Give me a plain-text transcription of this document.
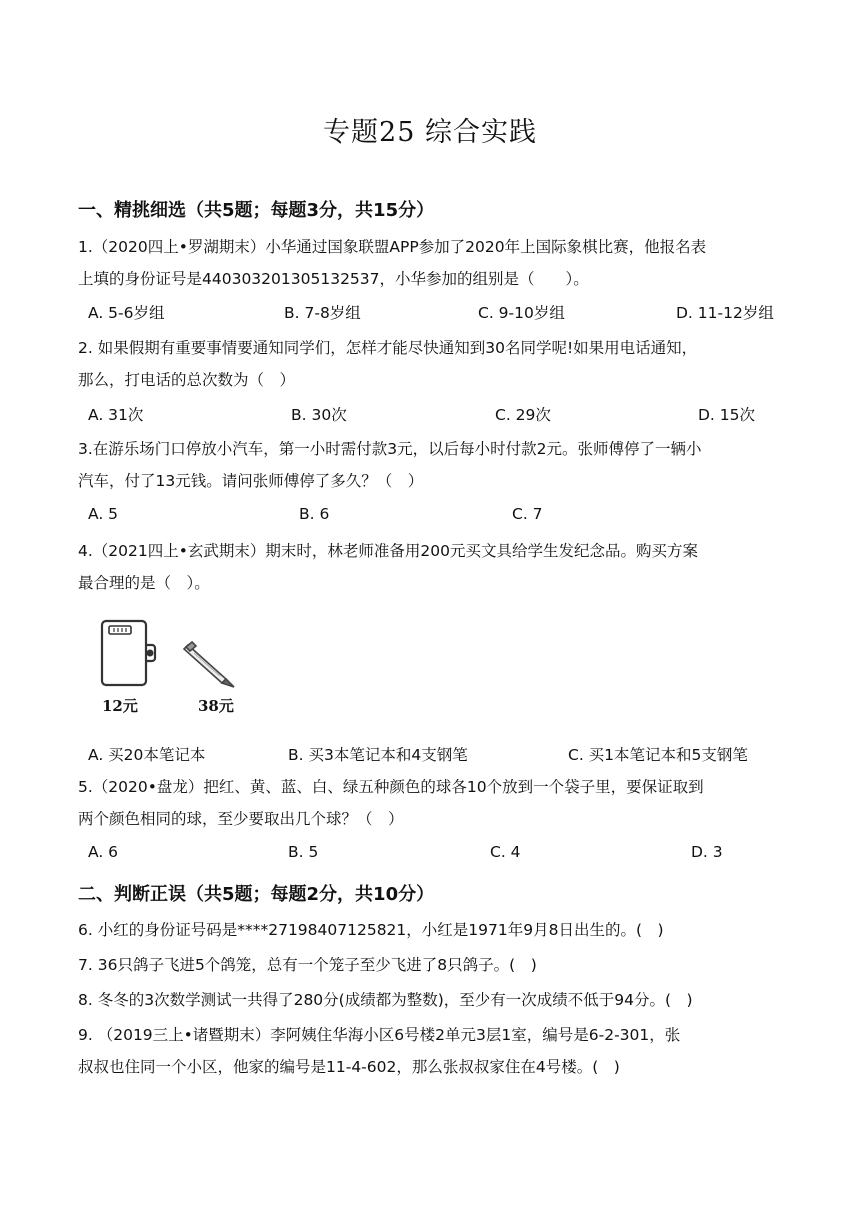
专题25 综合实践
一、精挑细选（共5题；每题3分，共15分）
1.（2020四上•罗湖期末）小华通过国象联盟APP参加了2020年上国际象棋比赛，他报名表
上填的身份证号是440303201305132537，小华参加的组别是（　　）。
A. 5-6岁组	B. 7-8岁组	C. 9-10岁组	D. 11-12岁组
2. 如果假期有重要事情要通知同学们，怎样才能尽快通知到30名同学呢!如果用电话通知，
那么，打电话的总次数为（　）
A. 31次	B. 30次	C. 29次	D. 15次
3.在游乐场门口停放小汽车，第一小时需付款3元，以后每小时付款2元。张师傅停了一辆小
汽车，付了13元钱。请问张师傅停了多久？（　）
A. 5	B. 6	C. 7
4.（2021四上•玄武期末）期末时，林老师准备用200元买文具给学生发纪念品。购买方案
最合理的是（　）。
12元	38元
A. 买20本笔记本	B. 买3本笔记本和4支钢笔	C. 买1本笔记本和5支钢笔
5.（2020•盘龙）把红、黄、蓝、白、绿五种颜色的球各10个放到一个袋子里，要保证取到
两个颜色相同的球，至少要取出几个球？（　）
A. 6	B. 5	C. 4	D. 3
二、判断正误（共5题；每题2分，共10分）
6. 小红的身份证号码是****27198407125821，小红是1971年9月8日出生的。(　)
7. 36只鸽子飞进5个鸽笼，总有一个笼子至少飞进了8只鸽子。(　)
8. 冬冬的3次数学测试一共得了280分(成绩都为整数)，至少有一次成绩不低于94分。(　)
9. （2019三上•诸暨期末）李阿姨住华海小区6号楼2单元3层1室，编号是6-2-301，张
叔叔也住同一个小区，他家的编号是11-4-602，那么张叔叔家住在4号楼。(　)
